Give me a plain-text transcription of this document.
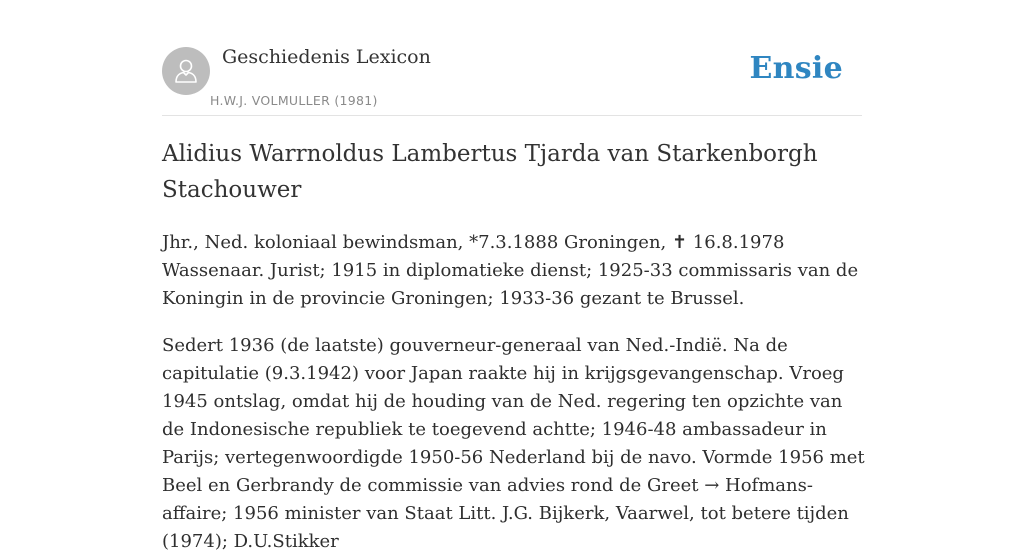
Geschiedenis Lexicon
H.W.J. VOLMULLER (1981)
Ensie
Alidius Warrnoldus Lambertus Tjarda van Starkenborgh Stachouwer

Jhr., Ned. koloniaal bewindsman, *7.3.1888 Groningen, ✝ 16.8.1978 Wassenaar. Jurist; 1915 in diplomatieke dienst; 1925-33 commissaris van de Koningin in de provincie Groningen; 1933-36 gezant te Brussel.

Sedert 1936 (de laatste) gouverneur-generaal van Ned.-Indië. Na de capitulatie (9.3.1942) voor Japan raakte hij in krijgsgevangenschap. Vroeg 1945 ontslag, omdat hij de houding van de Ned. regering ten opzichte van de Indonesische republiek te toegevend achtte; 1946-48 ambassadeur in Parijs; vertegenwoordigde 1950-56 Nederland bij de navo. Vormde 1956 met Beel en Gerbrandy de commissie van advies rond de Greet → Hofmans-affaire; 1956 minister van Staat Litt. J.G. Bijkerk, Vaarwel, tot betere tijden (1974); D.U.Stikker
